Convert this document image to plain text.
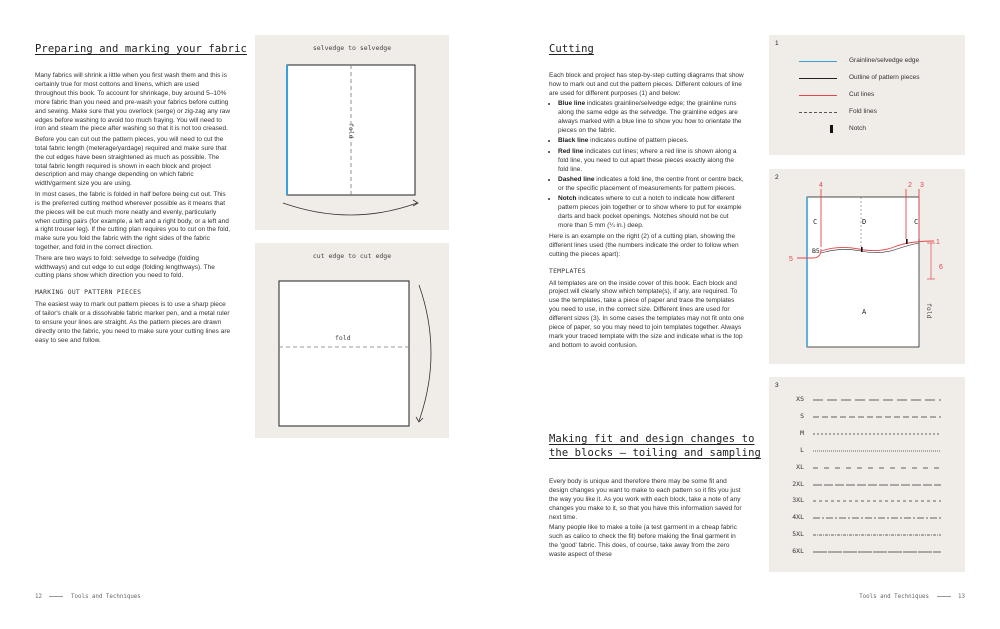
Preparing and marking your fabric

Many fabrics will shrink a little when you first wash them and this is certainly true for most cottons and linens, which are used throughout this book. To account for shrinkage, buy around 5–10% more fabric than you need and pre-wash your fabrics before cutting and sewing. Make sure that you overlock (serge) or zig-zag any raw edges before washing to avoid too much fraying. You will need to iron and steam the piece after washing so that it is not too creased.

Before you can cut out the pattern pieces, you will need to cut the total fabric length (meterage/yardage) required and make sure that the cut edges have been straightened as much as possible. The total fabric length required is shown in each block and project description and may change depending on which fabric width/garment size you are using.

In most cases, the fabric is folded in half before being cut out. This is the preferred cutting method wherever possible as it means that the pieces will be cut much more neatly and evenly, particularly when cutting pairs (for example, a left and a right body, or a left and a right trouser leg). If the cutting plan requires you to cut on the fold, make sure you fold the fabric with the right sides of the fabric together, and fold in the correct direction.

There are two ways to fold: selvedge to selvedge (folding widthways) and cut edge to cut edge (folding lengthways). The cutting plans show which direction you need to fold.

MARKING OUT PATTERN PIECES

The easiest way to mark out pattern pieces is to use a sharp piece of tailor's chalk or a dissolvable fabric marker pen, and a metal ruler to ensure your lines are straight. As the pattern pieces are drawn directly onto the fabric, you need to make sure your cutting lines are easy to see and follow.

12	Tools and Techniques
selvedge to selvedge
fold
cut edge to cut edge
fold
Cutting

Each block and project has step-by-step cutting diagrams that show how to mark out and cut the pattern pieces. Different colours of line are used for different purposes (1) and below:

• Blue line indicates grainline/selvedge edge; the grainline runs along the same edge as the selvedge. The grainline edges are always marked with a blue line to show you how to orientate the pieces on the fabric.
• Black line indicates outline of pattern pieces.
• Red line indicates cut lines; where a red line is shown along a fold line, you need to cut apart these pieces exactly along the fold line.
• Dashed line indicates a fold line, the centre front or centre back, or the specific placement of measurements for pattern pieces.
• Notch indicates where to cut a notch to indicate how different pattern pieces join together or to show where to put for example darts and back pocket openings. Notches should not be cut more than 5 mm (¼ in.) deep.

Here is an example on the right (2) of a cutting plan, showing the different lines used (the numbers indicate the order to follow when cutting the pieces apart):

TEMPLATES

All templates are on the inside cover of this book. Each block and project will clearly show which template(s), if any, are required. To use the templates, take a piece of paper and trace the templates you need to use, in the correct size. Different lines are used for different sizes (3). In some cases the templates may not fit onto one piece of paper, so you may need to join templates together. Always mark your traced template with the size and indicate what is the top and bottom to avoid confusion.

Making fit and design changes to
the blocks – toiling and sampling

Every body is unique and therefore there may be some fit and design changes you want to make to each pattern so it fits you just the way you like it. As you work with each block, take a note of any changes you make to it, so that you have this information saved for next time.

Many people like to make a toile (a test garment in a cheap fabric such as calico to check the fit) before making the final garment in the 'good' fabric. This does, of course, take away from the zero waste aspect of these

Tools and Techniques	13
1
Grainline/selvedge edge
Outline of pattern pieces
Cut lines
Fold lines
Notch
2
4	2 3
1
5
6
C	D	C
B5
A	fold
3
XS
S
M
L
XL
2XL
3XL
4XL
5XL
6XL
